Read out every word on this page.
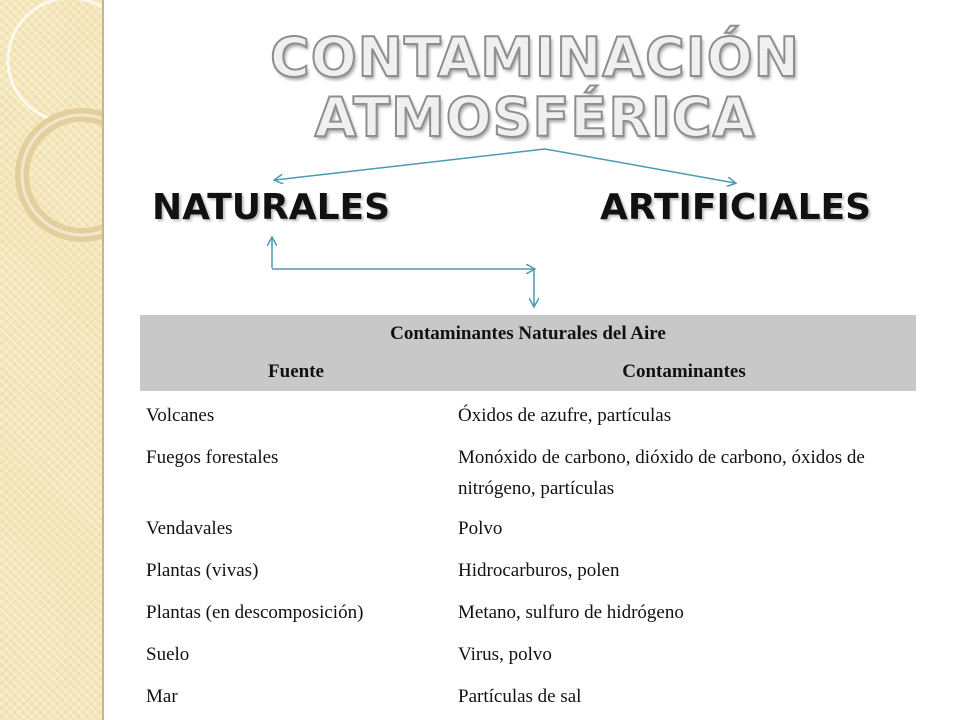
CONTAMINACIÓN
ATMOSFÉRICA
NATURALES	ARTIFICIALES
Contaminantes Naturales del Aire	
Fuente	Contaminantes
Volcanes	Óxidos de azufre, partículas
Fuegos forestales	Monóxido de carbono, dióxido de carbono, óxidos de nitrógeno, partículas
Vendavales	Polvo
Plantas (vivas)	Hidrocarburos, polen
Plantas (en descomposición)	Metano, sulfuro de hidrógeno
Suelo	Virus, polvo
Mar	Partículas de sal
